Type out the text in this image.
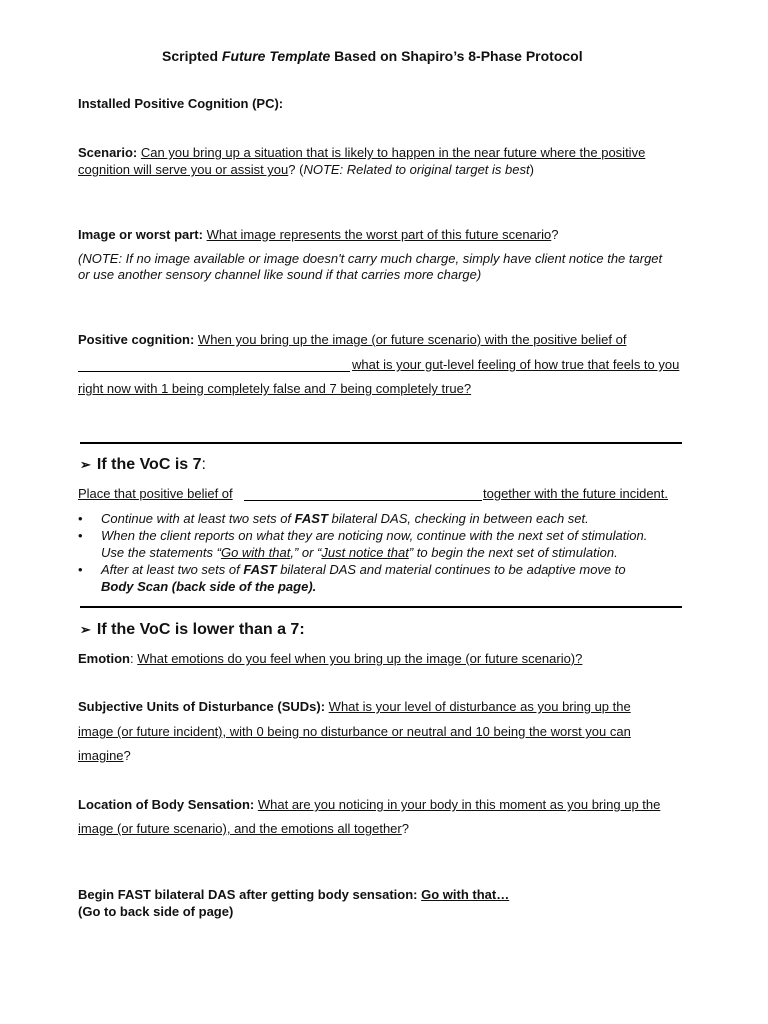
Scripted Future Template Based on Shapiro’s 8-Phase Protocol
Installed Positive Cognition (PC):
Scenario: Can you bring up a situation that is likely to happen in the near future where the positive
cognition will serve you or assist you? (NOTE: Related to original target is best)
Image or worst part: What image represents the worst part of this future scenario?
(NOTE: If no image available or image doesn't carry much charge, simply have client notice the target
or use another sensory channel like sound if that carries more charge)
Positive cognition: When you bring up the image (or future scenario) with the positive belief of
what is your gut-level feeling of how true that feels to you
right now with 1 being completely false and 7 being completely true?
➢ If the VoC is 7:
Place that positive belief of	together with the future incident.
• Continue with at least two sets of FAST bilateral DAS, checking in between each set.
• When the client reports on what they are noticing now, continue with the next set of stimulation.
Use the statements “Go with that,” or “Just notice that” to begin the next set of stimulation.
• After at least two sets of FAST bilateral DAS and material continues to be adaptive move to
Body Scan (back side of the page).
➢ If the VoC is lower than a 7:
Emotion: What emotions do you feel when you bring up the image (or future scenario)?
Subjective Units of Disturbance (SUDs): What is your level of disturbance as you bring up the
image (or future incident), with 0 being no disturbance or neutral and 10 being the worst you can
imagine?
Location of Body Sensation: What are you noticing in your body in this moment as you bring up the
image (or future scenario), and the emotions all together?
Begin FAST bilateral DAS after getting body sensation: Go with that…
(Go to back side of page)
